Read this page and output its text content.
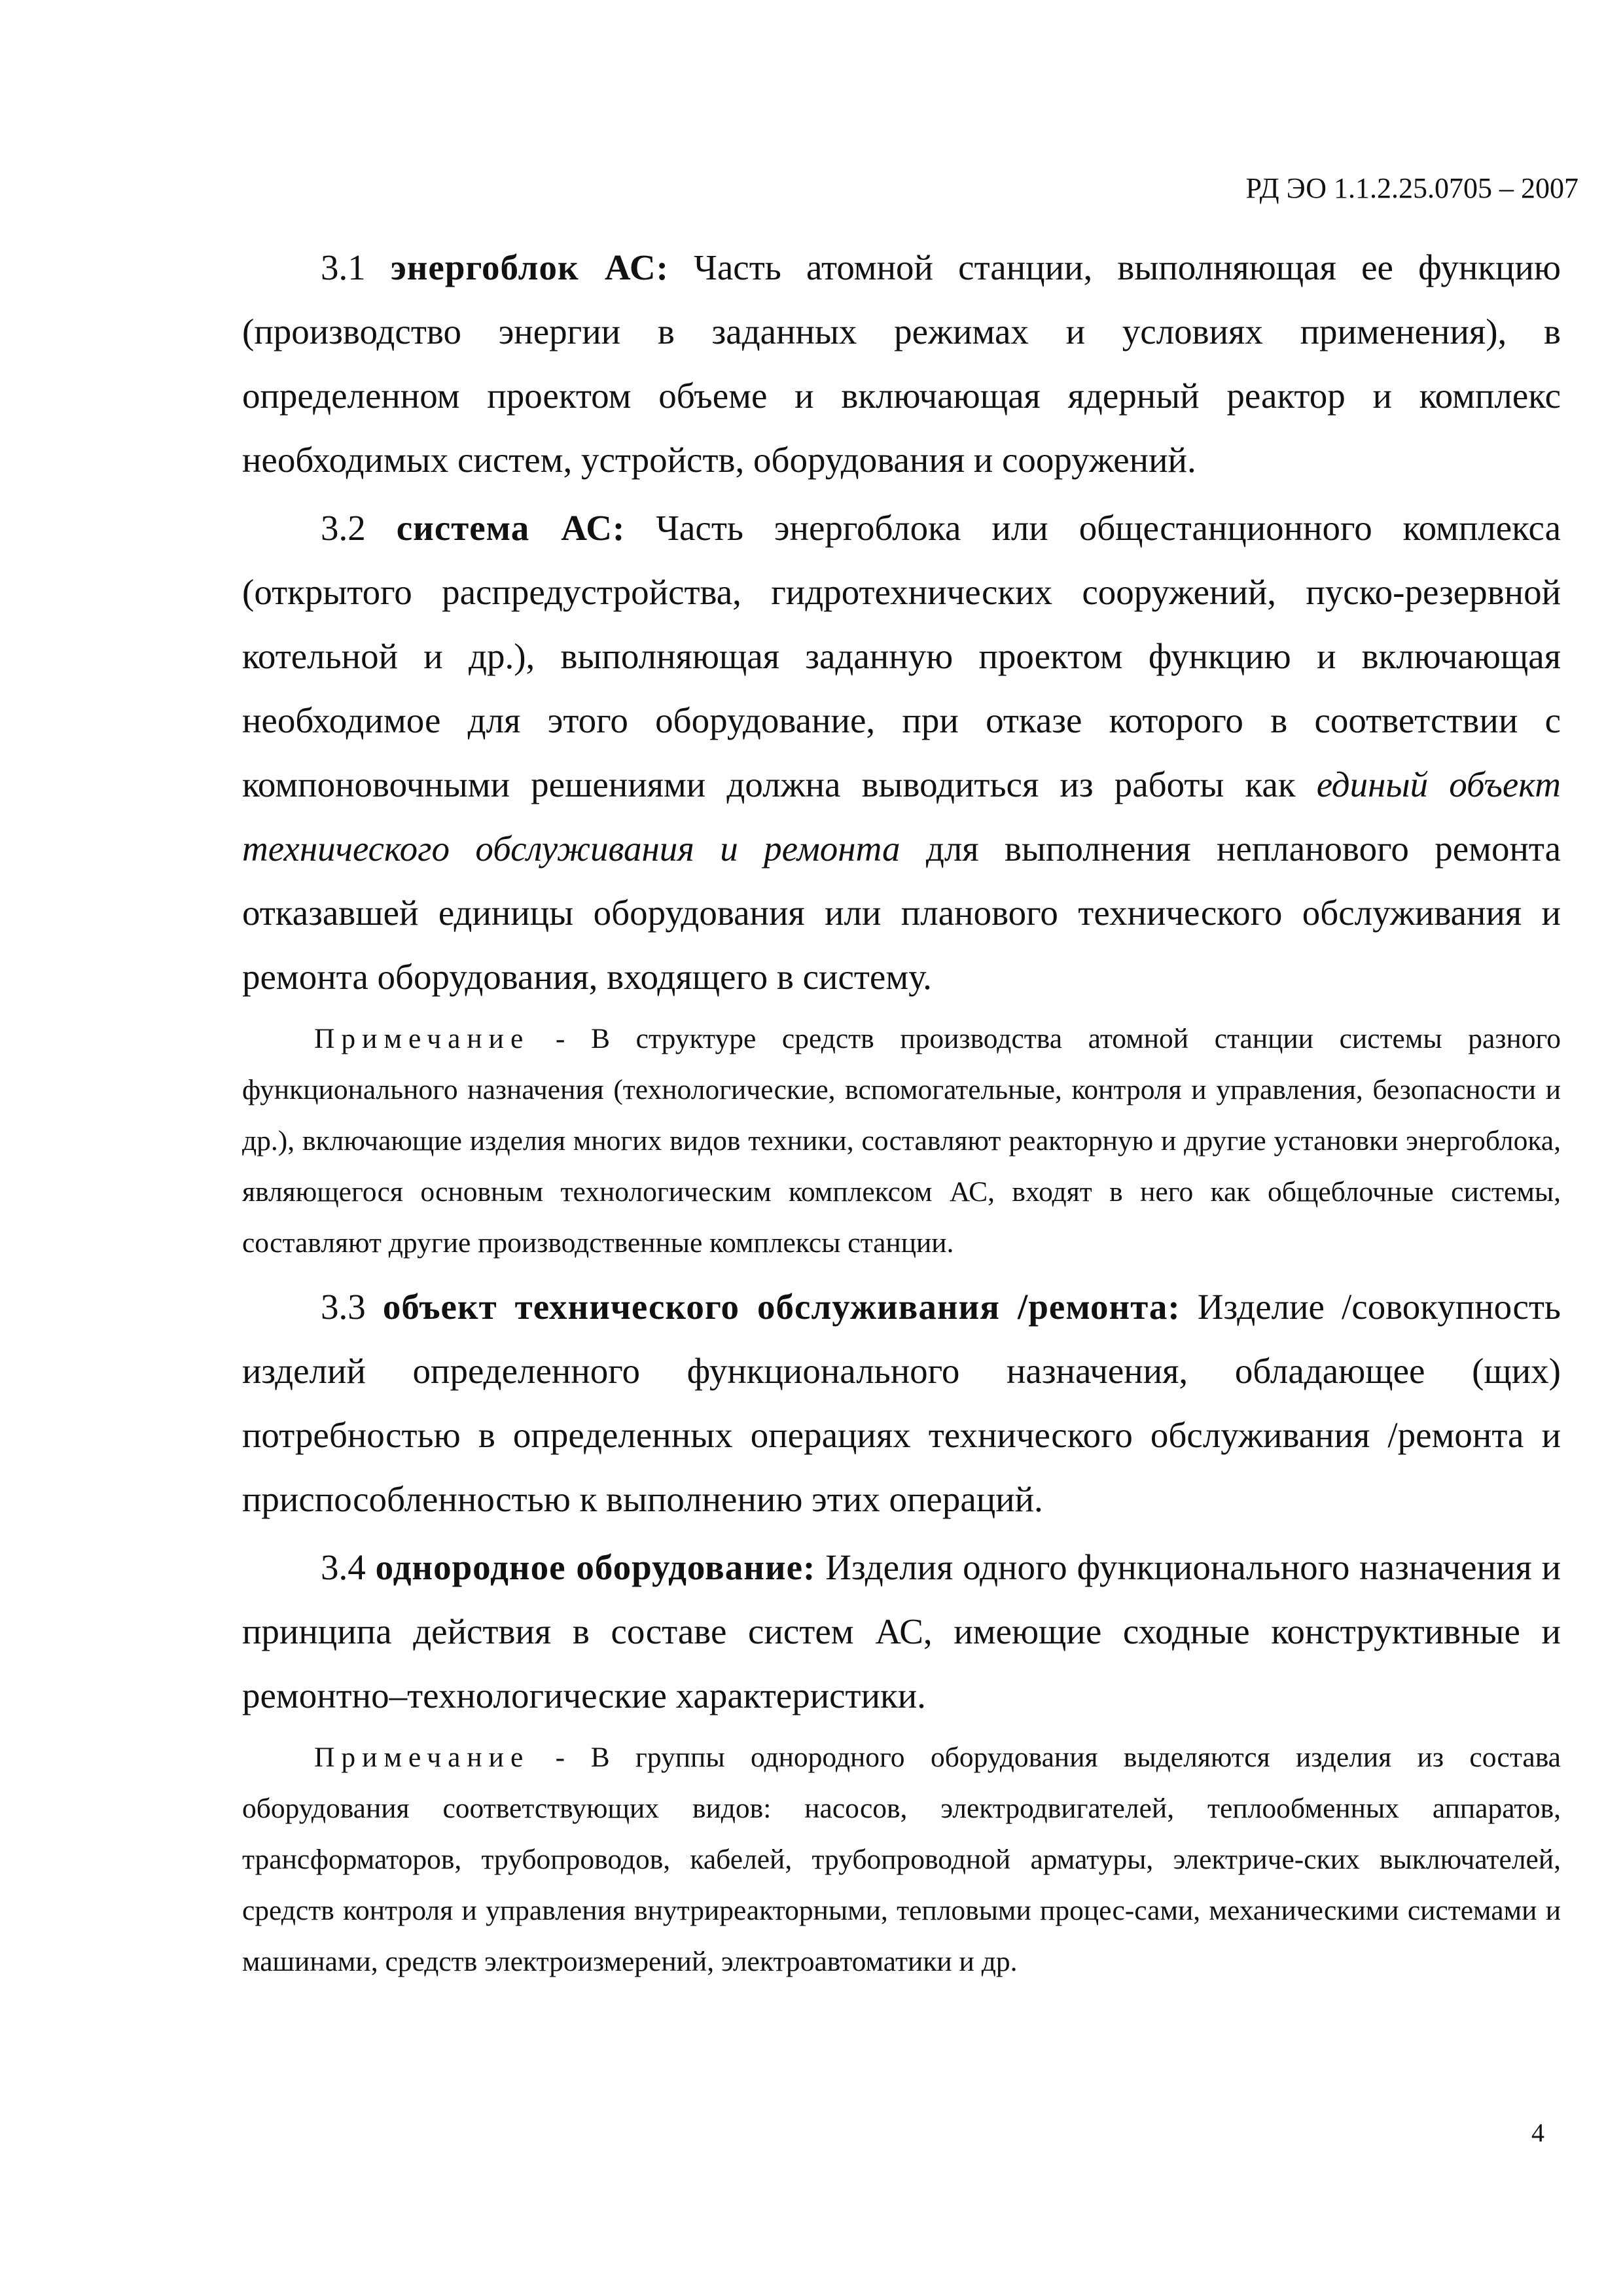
РД ЭО 1.1.2.25.0705 – 2007

3.1 энергоблок АС: Часть атомной станции, выполняющая ее функцию (производство энергии в заданных режимах и условиях применения), в определенном проектом объеме и включающая ядерный реактор и комплекс необходимых систем, устройств, оборудования и сооружений.

3.2 система АС: Часть энергоблока или общестанционного комплекса (открытого распредустройства, гидротехнических сооружений, пуско-резервной котельной и др.), выполняющая заданную проектом функцию и включающая необходимое для этого оборудование, при отказе которого в соответствии с компоновочными решениями должна выводиться из работы как единый объект технического обслуживания и ремонта для выполнения непланового ремонта отказавшей единицы оборудования или планового технического обслуживания и ремонта оборудования, входящего в систему.

Примечание - В структуре средств производства атомной станции системы разного функционального назначения (технологические, вспомогательные, контроля и управления, безопасности и др.), включающие изделия многих видов техники, составляют реакторную и другие установки энергоблока, являющегося основным технологическим комплексом АС, входят в него как общеблочные системы, составляют другие производственные комплексы станции.

3.3 объект технического обслуживания /ремонта: Изделие /совокупность изделий определенного функционального назначения, обладающее (щих) потребностью в определенных операциях технического обслуживания /ремонта и приспособленностью к выполнению этих операций.

3.4 однородное оборудование: Изделия одного функционального назначения и принципа действия в составе систем АС, имеющие сходные конструктивные и ремонтно–технологические характеристики.

Примечание - В группы однородного оборудования выделяются изделия из состава оборудования соответствующих видов: насосов, электродвигателей, теплообменных аппаратов, трансформаторов, трубопроводов, кабелей, трубопроводной арматуры, электриче-ских выключателей, средств контроля и управления внутриреакторными, тепловыми процес-сами, механическими системами и машинами, средств электроизмерений, электроавтоматики и др.

4
